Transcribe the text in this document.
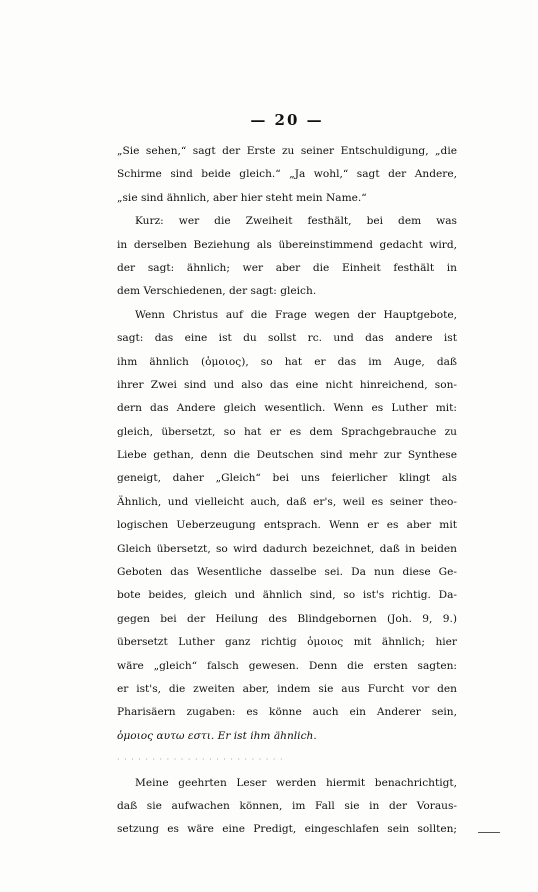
— 20 —
„Sie sehen,“ sagt der Erste zu seiner Entschuldigung, „die
Schirme sind beide gleich.“ „Ja wohl,“ sagt der Andere,
„sie sind ähnlich, aber hier steht mein Name.“
Kurz: wer die Zweiheit festhält, bei dem was
in derselben Beziehung als übereinstimmend gedacht wird,
der sagt: ähnlich; wer aber die Einheit festhält in
dem Verschiedenen, der sagt: gleich.
Wenn Christus auf die Frage wegen der Hauptgebote,
sagt: das eine ist du sollst rc. und das andere ist
ihm ähnlich (ὁμοιος), so hat er das im Auge, daß
ihrer Zwei sind und also das eine nicht hinreichend, son-
dern das Andere gleich wesentlich. Wenn es Luther mit:
gleich, übersetzt, so hat er es dem Sprachgebrauche zu
Liebe gethan, denn die Deutschen sind mehr zur Synthese
geneigt, daher „Gleich“ bei uns feierlicher klingt als
Ähnlich, und vielleicht auch, daß er's, weil es seiner theo-
logischen Ueberzeugung entsprach. Wenn er es aber mit
Gleich übersetzt, so wird dadurch bezeichnet, daß in beiden
Geboten das Wesentliche dasselbe sei. Da nun diese Ge-
bote beides, gleich und ähnlich sind, so ist's richtig. Da-
gegen bei der Heilung des Blindgebornen (Joh. 9, 9.)
übersetzt Luther ganz richtig ὁμοιος mit ähnlich; hier
wäre „gleich“ falsch gewesen. Denn die ersten sagten:
er ist's, die zweiten aber, indem sie aus Furcht vor den
Pharisäern zugaben: es könne auch ein Anderer sein,
ὁμοιος αυτω εστι. Er ist ihm ähnlich.
· · · · · · · · · · · · · · · · · · · · · · · ·
Meine geehrten Leser werden hiermit benachrichtigt,
daß sie aufwachen können, im Fall sie in der Voraus-
setzung es wäre eine Predigt, eingeschlafen sein sollten;
